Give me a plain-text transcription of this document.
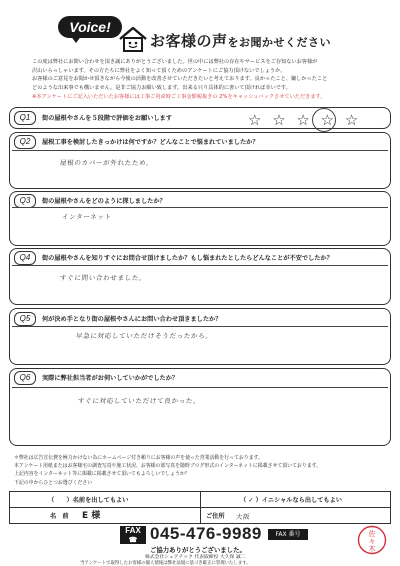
Voice!
お客様の声をお聞かせください

この度は弊社にお問い合わせを頂き誠にありがとうございました。世の中には弊社の存在やサービスをご存知ないお客様が

沢山いらっしゃいます。その方たちに弊社をよく知って頂くためのアンケートにご協力頂けないでしょうか。

お客様のご意見をお聞かせ頂きながら今後の活動を改善させていただきたいと考えております。良かったこと、嫌しかったこと

どのような出来事でも構いません。是非ご協力お願い致します。出来る只り具体的に書いて頂ければ幸いです。

※本アンケートにご記入いただいたお客様には工事ご用命時ご工事金額税抜きの 2%をキャッシュバックさせていただきます。

Q1 街の屋根やさんを５段階で評価をお願いします	☆ ☆ ☆ ☆ ☆
Q2 屋根工事を検討したきっかけは何ですか？どんなことで悩まれていましたか？
屋根のカバーが外れたため。
Q3 街の屋根やさんをどのように探しましたか？
インターネット
Q4 街の屋根やさんを知りすぐにお問合せ頂けましたか？もし悩まれたとしたらどんなことが不安でしたか？
すぐに問い合わせました。
Q5 何が決め手となり街の屋根やさんにお問い合わせ頂きましたか？
早急に対応していただけそうだったから。
Q6 実際に弊社担当者がお伺いしていかがでしたか？
すぐに対応していただけて良かった。

＊弊社は広告宣伝費を極力かけない為にホームページ付き頼りにお客様の声を使った営業活動を行っております。

本アンケート用紙またはお客様宅の調査写真や施工状況、お客様の部写真を随時ブログ形式のインターネットに掲載させて頂いております。

上記内容をインターネット等に掲載に掲載させて頂いてもよろしいでしょうか？

下記の中からひとつお選びください

（　　）名前を出してもよい	（ ✓ ）イニシャルなら出してもよい
名　前 E 様	ご住所 大阪
FAX
☎ 045-476-9989	FAX 番号
ご協力ありがとうございました。
株式会社シェアテック 代表取締役 大久保 誠二
当アンケートで取得したお客様の個人情報は弊社法規に基づき厳正に管理いたします。
佐
々
木
